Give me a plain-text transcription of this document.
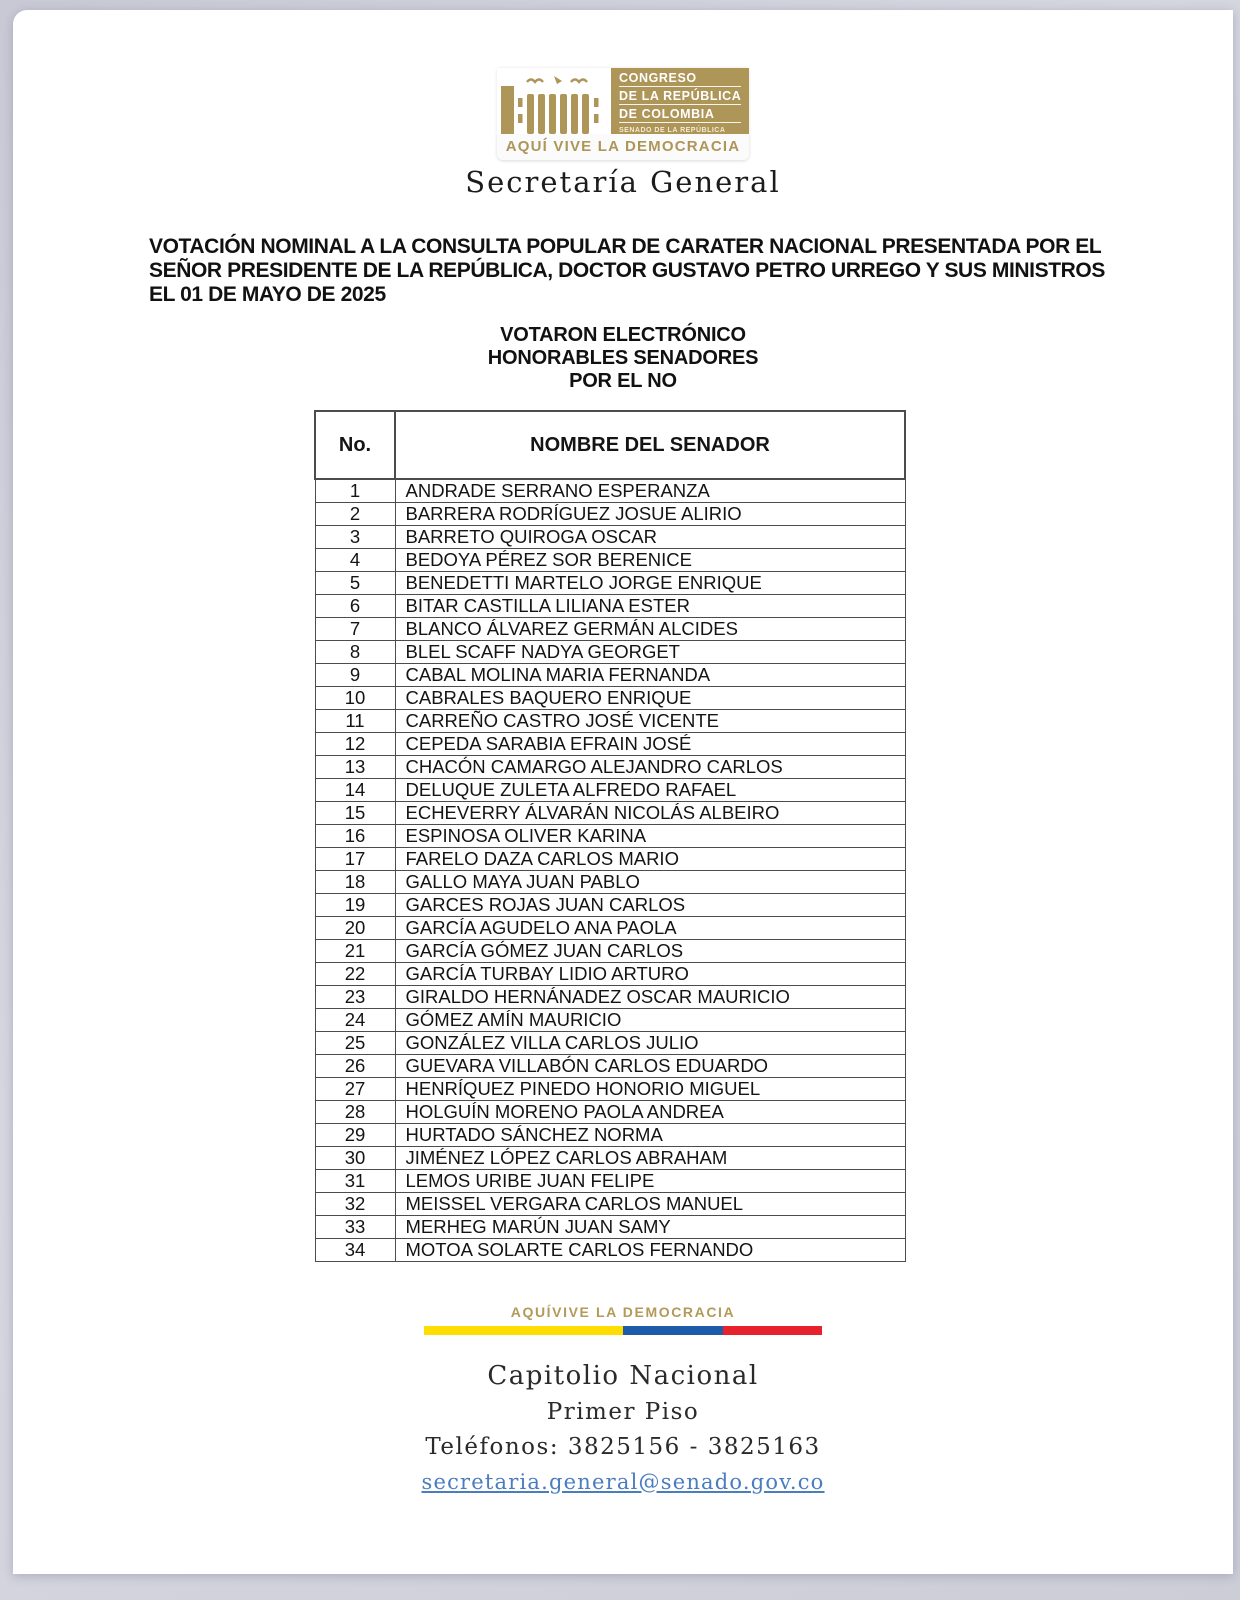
CONGRESO
DE LA REPÚBLICA
DE COLOMBIA
SENADO DE LA REPÚBLICA
AQUÍ VIVE LA DEMOCRACIA
Secretaría General

VOTACIÓN NOMINAL A LA CONSULTA POPULAR DE CARATER NACIONAL PRESENTADA POR EL SEÑOR PRESIDENTE DE LA REPÚBLICA, DOCTOR GUSTAVO PETRO URREGO Y SUS MINISTROS EL 01 DE MAYO DE 2025

VOTARON ELECTRÓNICO
HONORABLES SENADORES
POR EL NO
No.	NOMBRE DEL SENADOR
1	ANDRADE SERRANO ESPERANZA
2	BARRERA RODRÍGUEZ JOSUE ALIRIO
3	BARRETO QUIROGA OSCAR
4	BEDOYA PÉREZ SOR BERENICE
5	BENEDETTI MARTELO JORGE ENRIQUE
6	BITAR CASTILLA LILIANA ESTER
7	BLANCO ÁLVAREZ GERMÁN ALCIDES
8	BLEL SCAFF NADYA GEORGET
9	CABAL MOLINA MARIA FERNANDA
10	CABRALES BAQUERO ENRIQUE
11	CARREÑO CASTRO JOSÉ VICENTE
12	CEPEDA SARABIA EFRAIN JOSÉ
13	CHACÓN CAMARGO ALEJANDRO CARLOS
14	DELUQUE ZULETA ALFREDO RAFAEL
15	ECHEVERRY ÁLVARÁN NICOLÁS ALBEIRO
16	ESPINOSA OLIVER KARINA
17	FARELO DAZA CARLOS MARIO
18	GALLO MAYA JUAN PABLO
19	GARCES ROJAS JUAN CARLOS
20	GARCÍA AGUDELO ANA PAOLA
21	GARCÍA GÓMEZ JUAN CARLOS
22	GARCÍA TURBAY LIDIO ARTURO
23	GIRALDO HERNÁNADEZ OSCAR MAURICIO
24	GÓMEZ AMÍN MAURICIO
25	GONZÁLEZ VILLA CARLOS JULIO
26	GUEVARA VILLABÓN CARLOS EDUARDO
27	HENRÍQUEZ PINEDO HONORIO MIGUEL
28	HOLGUÍN MORENO PAOLA ANDREA
29	HURTADO SÁNCHEZ NORMA
30	JIMÉNEZ LÓPEZ CARLOS ABRAHAM
31	LEMOS URIBE JUAN FELIPE
32	MEISSEL VERGARA CARLOS MANUEL
33	MERHEG MARÚN JUAN SAMY
34	MOTOA SOLARTE CARLOS FERNANDO
AQUÍVIVE LA DEMOCRACIA
Capitolio Nacional
Primer Piso
Teléfonos: 3825156 - 3825163
secretaria.general@senado.gov.co
